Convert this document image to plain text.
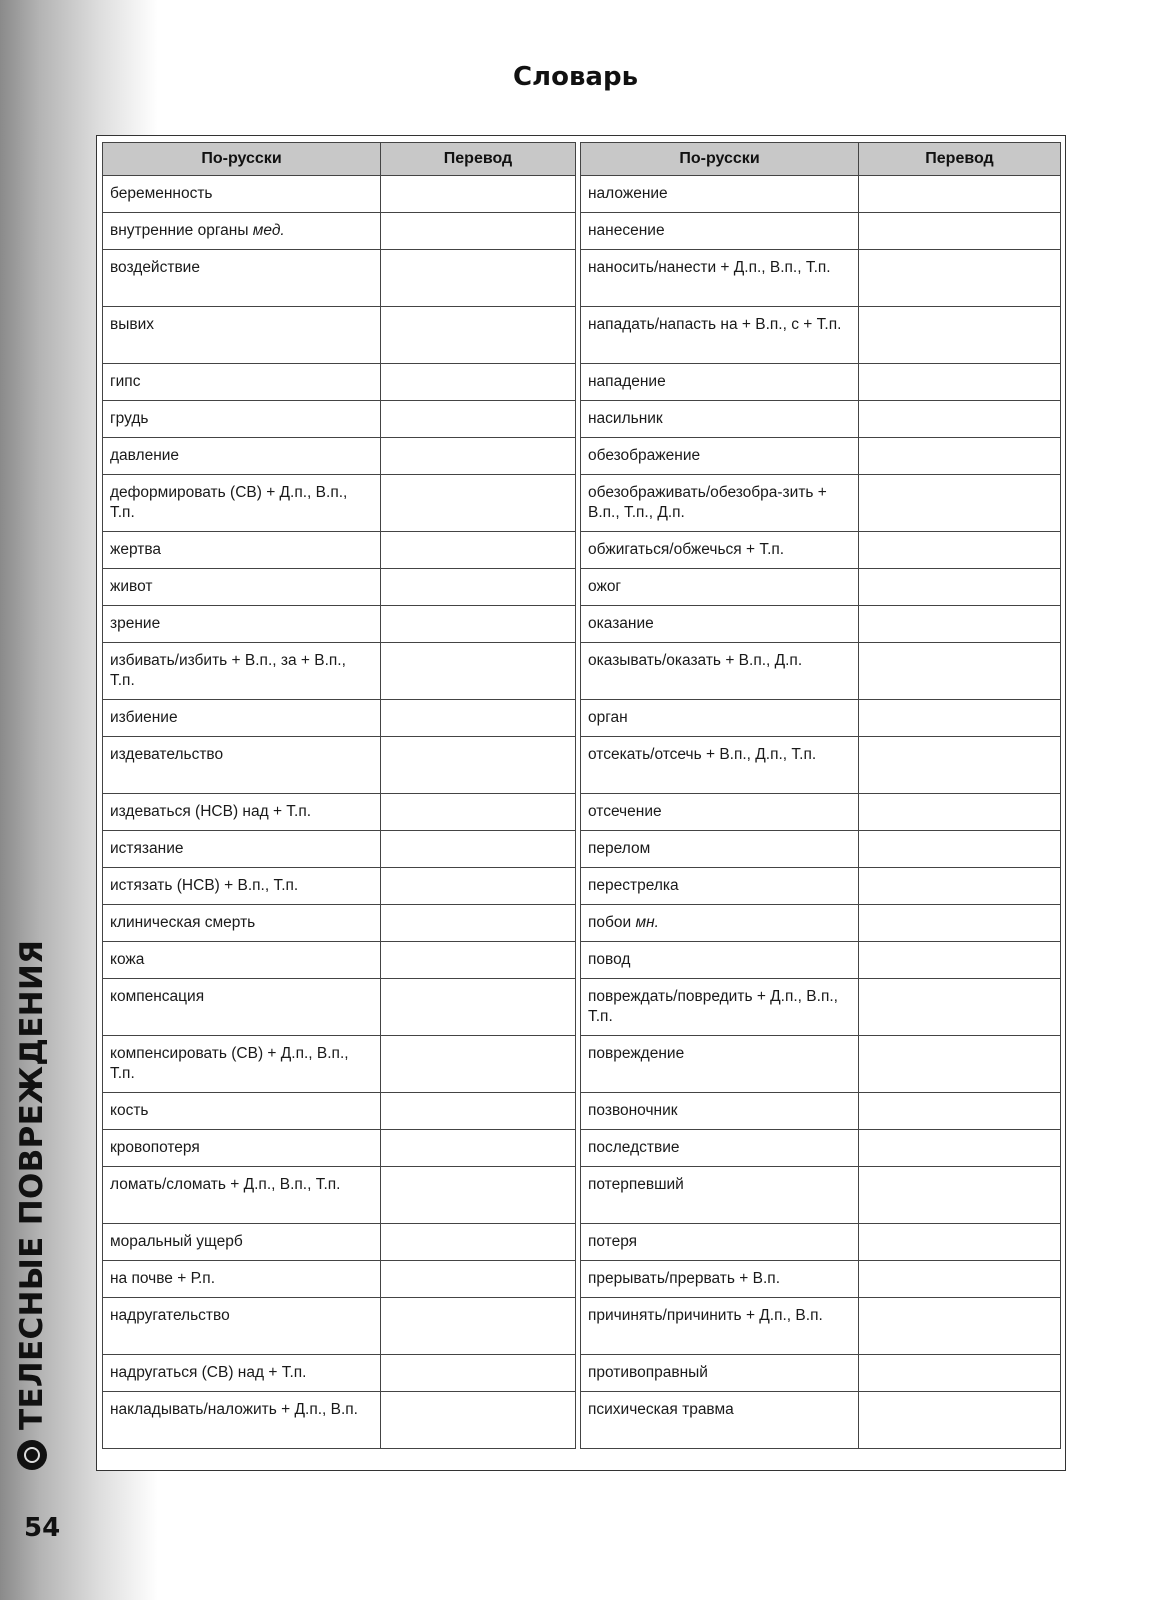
ТЕЛЕСНЫЕ ПОВРЕЖДЕНИЯ
54
Словарь
По-русски	Перевод
беременность	
внутренние органы мед.	
воздействие	
вывих	
гипс	
грудь	
давление	
деформировать (СВ) + Д.п., В.п., Т.п.	
жертва	
живот	
зрение	
избивать/избить + В.п., за + В.п., Т.п.	
избиение	
издевательство	
издеваться (НСВ) над + Т.п.	
истязание	
истязать (НСВ) + В.п., Т.п.	
клиническая смерть	
кожа	
компенсация	
компенсировать (СВ) + Д.п., В.п., Т.п.	
кость	
кровопотеря	
ломать/сломать + Д.п., В.п., Т.п.	
моральный ущерб	
на почве + Р.п.	
надругательство	
надругаться (СВ) над + Т.п.	
накладывать/наложить + Д.п., В.п.	
По-русски	Перевод
наложение	
нанесение	
наносить/нанести + Д.п., В.п., Т.п.	
нападать/напасть на + В.п., с + Т.п.	
нападение	
насильник	
обезображение	
обезображивать/обезобра-зить + В.п., Т.п., Д.п.	
обжигаться/обжечься + Т.п.	
ожог	
оказание	
оказывать/оказать + В.п., Д.п.	
орган	
отсекать/отсечь + В.п., Д.п., Т.п.	
отсечение	
перелом	
перестрелка	
побои мн.	
повод	
повреждать/повредить + Д.п., В.п., Т.п.	
повреждение	
позвоночник	
последствие	
потерпевший	
потеря	
прерывать/прервать + В.п.	
причинять/причинить + Д.п., В.п.	
противоправный	
психическая травма	
